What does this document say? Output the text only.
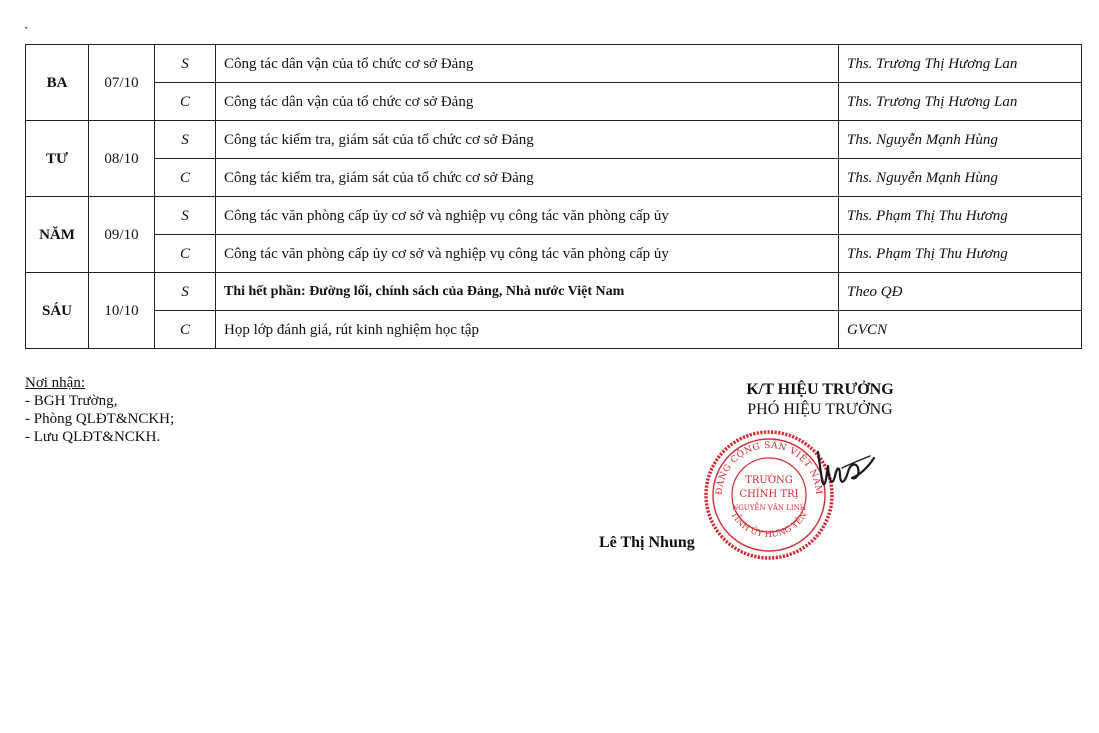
`
BA	07/10	S	Công tác dân vận của tổ chức cơ sở Đảng	Ths. Trương Thị Hương Lan
		C	Công tác dân vận của tổ chức cơ sở Đảng	Ths. Trương Thị Hương Lan
TƯ	08/10	S	Công tác kiểm tra, giám sát của tổ chức cơ sở Đảng	Ths. Nguyễn Mạnh Hùng
		C	Công tác kiểm tra, giám sát của tổ chức cơ sở Đảng	Ths. Nguyễn Mạnh Hùng
NĂM	09/10	S	Công tác văn phòng cấp ủy cơ sở và nghiệp vụ công tác văn phòng cấp ủy	Ths. Phạm Thị Thu Hương
		C	Công tác văn phòng cấp ủy cơ sở và nghiệp vụ công tác văn phòng cấp ủy	Ths. Phạm Thị Thu Hương
SÁU	10/10	S	Thi hết phần: Đường lối, chính sách của Đảng, Nhà nước Việt Nam	Theo QĐ
		C	Họp lớp đánh giá, rút kinh nghiệm học tập	GVCN
Nơi nhận:
- BGH Trường,
- Phòng QLĐT&NCKH;
- Lưu QLĐT&NCKH.
K/T HIỆU TRƯỞNG
PHÓ HIỆU TRƯỞNG
ĐẢNG CỘNG SẢN VIỆT NAM
TỈNH ỦY HƯNG YÊN
TRƯỜNG
CHÍNH TRỊ
NGUYỄN VĂN LINH
Lê Thị Nhung
